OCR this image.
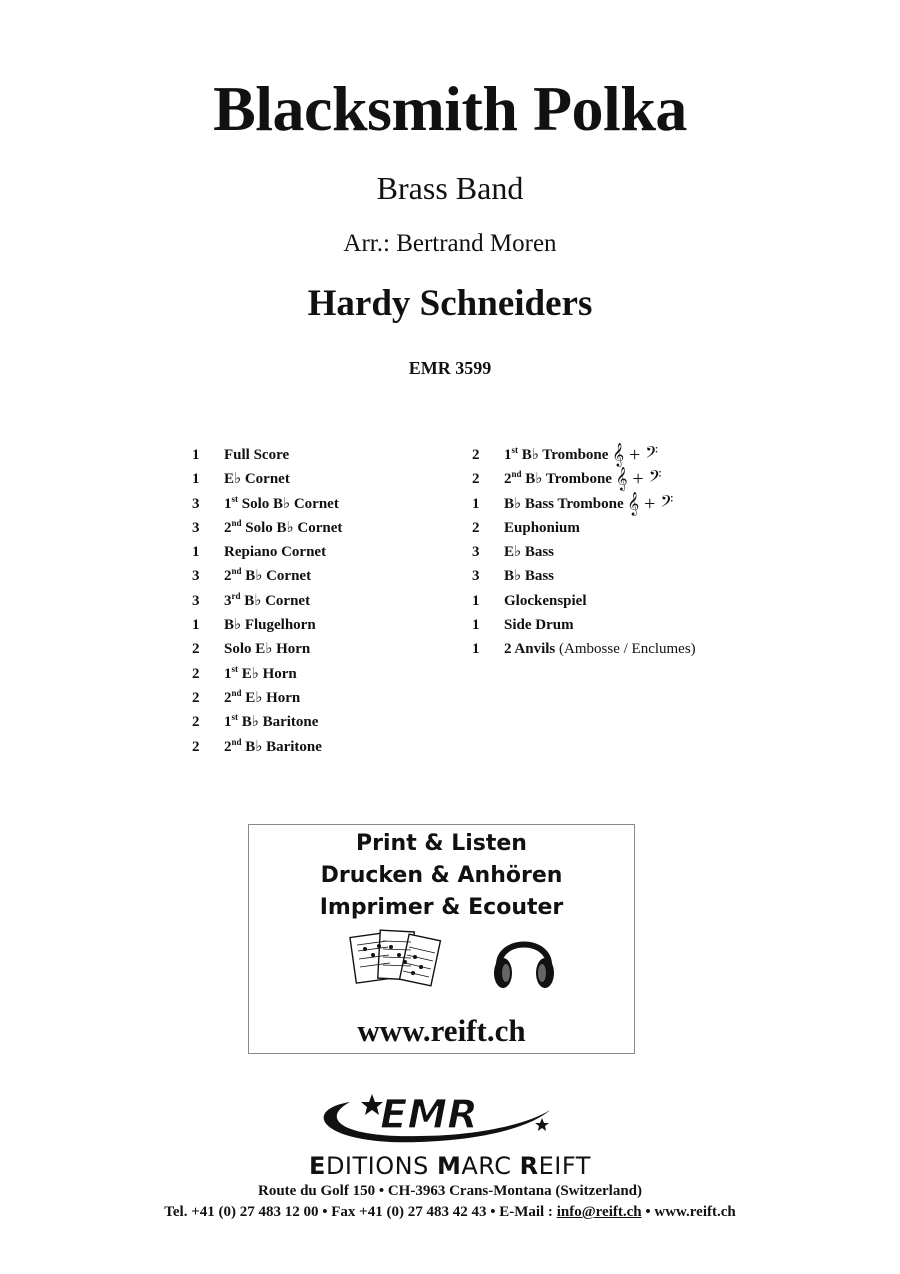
Blacksmith Polka
Brass Band
Arr.: Bertrand Moren
Hardy Schneiders
EMR 3599
1 Full Score
1 E♭ Cornet
3 1st Solo B♭ Cornet
3 2nd Solo B♭ Cornet
1 Repiano Cornet
3 2nd B♭ Cornet
3 3rd B♭ Cornet
1 B♭ Flugelhorn
2 Solo E♭ Horn
2 1st E♭ Horn
2 2nd E♭ Horn
2 1st B♭ Baritone
2 2nd B♭ Baritone
2 1st B♭ Trombone 𝄞 + 𝄢
2 2nd B♭ Trombone 𝄞 + 𝄢
1 B♭ Bass Trombone 𝄞 + 𝄢
2 Euphonium
3 E♭ Bass
3 B♭ Bass
1 Glockenspiel
1 Side Drum
1 2 Anvils (Ambosse / Enclumes)
Print & Listen
Drucken & Anhören
Imprimer & Ecouter
www.reift.ch
EMR
EDITIONS MARC REIFT
Route du Golf 150 • CH-3963 Crans-Montana (Switzerland)
Tel. +41 (0) 27 483 12 00 • Fax +41 (0) 27 483 42 43 • E-Mail : info@reift.ch • www.reift.ch
